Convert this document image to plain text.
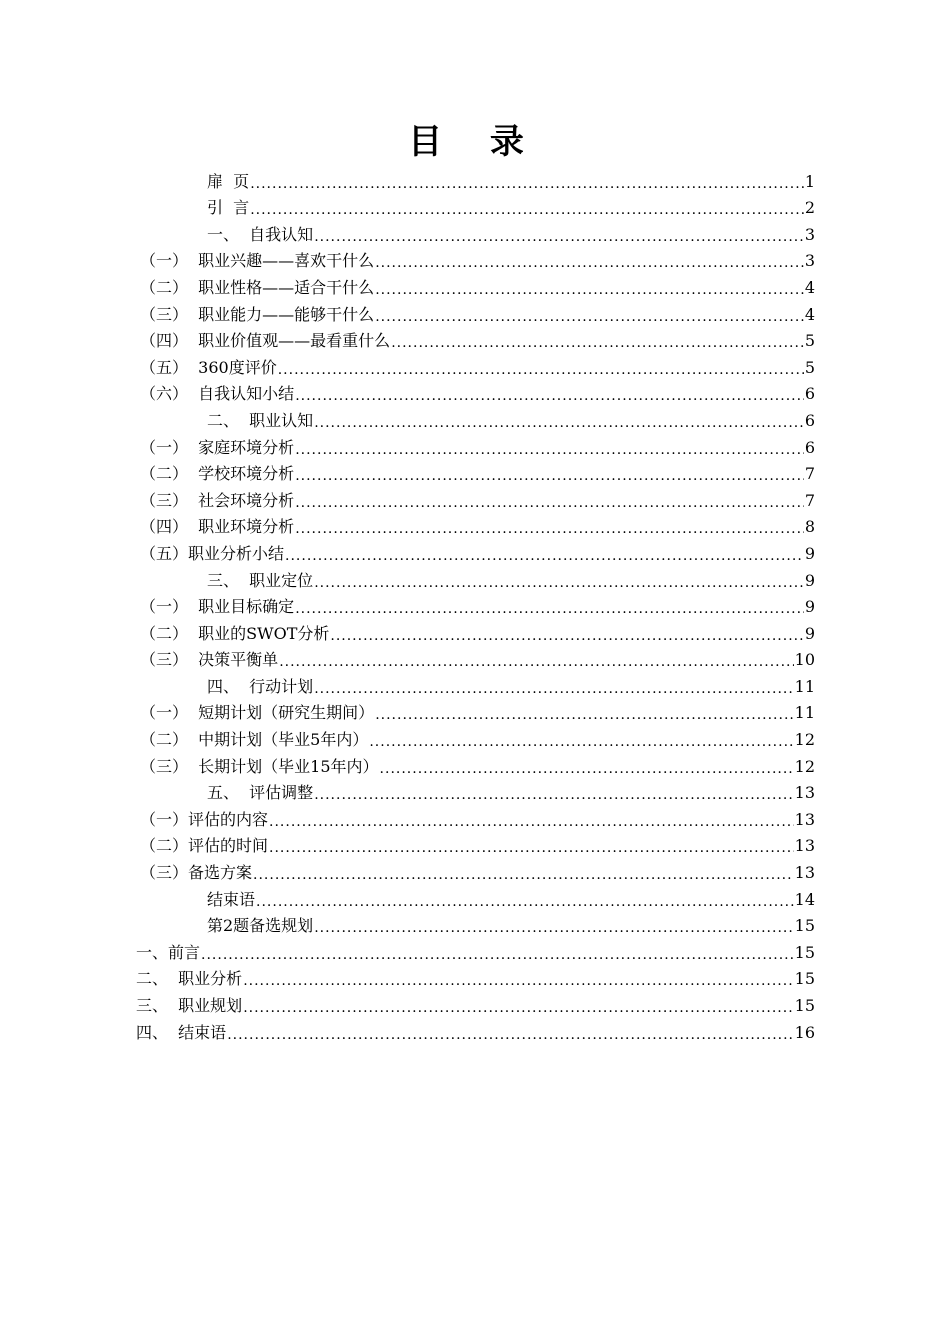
目 录
扉  页 .....	1
引  言 .....	2
一、  自我认知 .....	3
（一）  职业兴趣——喜欢干什么 .....	3
（二）  职业性格——适合干什么 .....	4
（三）  职业能力——能够干什么 .....	4
（四）  职业价值观——最看重什么 .....	5
（五）  360度评价 .....	5
（六）  自我认知小结 .....	6
二、  职业认知 .....	6
（一）  家庭环境分析 .....	6
（二）  学校环境分析 .....	7
（三）  社会环境分析 .....	7
（四）  职业环境分析 .....	8
（五）职业分析小结 .....	9
三、  职业定位 .....	9
（一）  职业目标确定 .....	9
（二）  职业的SWOT分析 .....	9
（三）  决策平衡单 .....	10
四、  行动计划 .....	11
（一）  短期计划（研究生期间） .....	11
（二）  中期计划（毕业5年内） .....	12
（三）  长期计划（毕业15年内） .....	12
五、  评估调整 .....	13
（一）评估的内容 .....	13
（二）评估的时间 .....	13
（三）备选方案 .....	13
结束语 .....	14
第2题备选规划 .....	15
一、前言 .....	15
二、  职业分析 .....	15
三、  职业规划 .....	15
四、  结束语 .....	16
